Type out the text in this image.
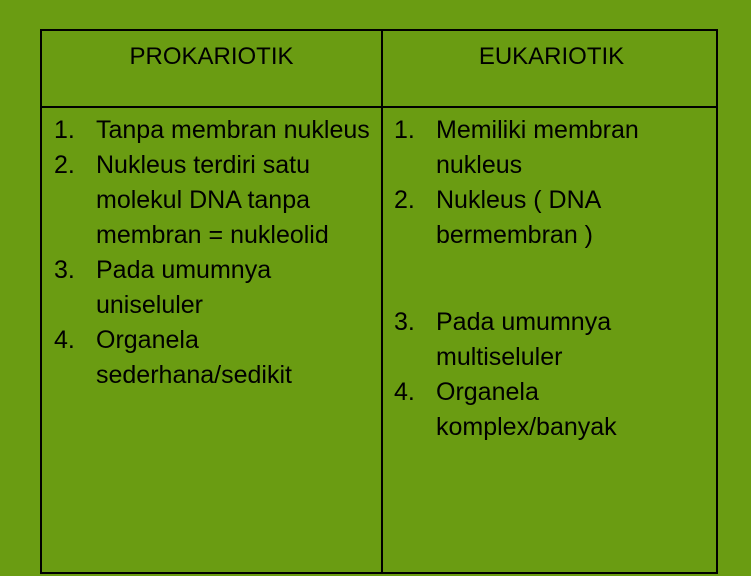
PROKARIOTIK	EUKARIOTIK
1. Tanpa membran nukleus
2. Nukleus terdiri satu molekul DNA tanpa membran = nukleolid
3. Pada umumnya uniseluler
4. Organela sederhana/sedikit
1. Memiliki membran nukleus
2. Nukleus ( DNA bermembran )
3. Pada umumnya multiseluler
4. Organela komplex/banyak
